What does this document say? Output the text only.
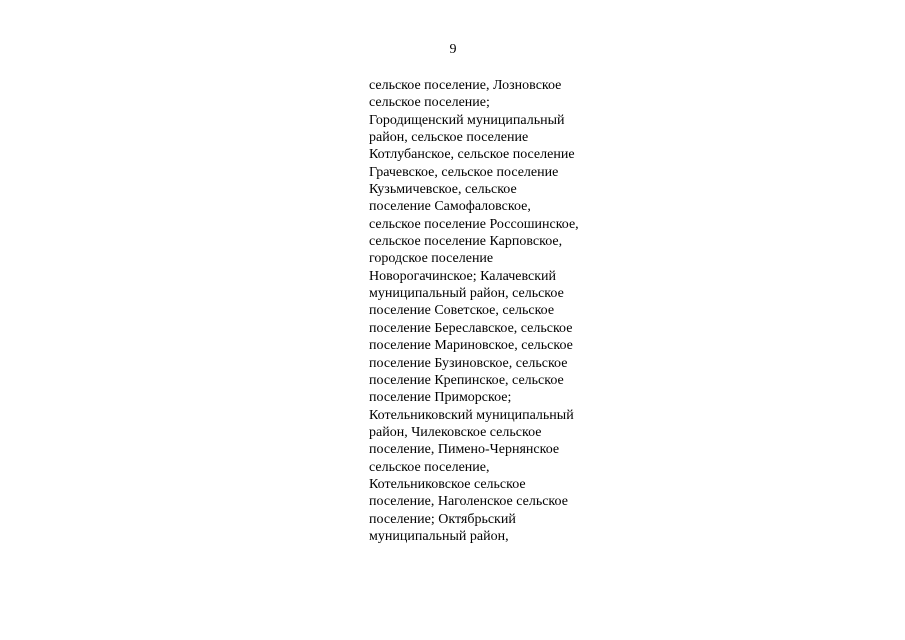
9
сельское поселение, Лозновское
сельское поселение;
Городищенский муниципальный
район, сельское поселение
Котлубанское, сельское поселение
Грачевское, сельское поселение
Кузьмичевское, сельское
поселение Самофаловское,
сельское поселение Россошинское,
сельское поселение Карповское,
городское поселение
Новорогачинское; Калачевский
муниципальный район, сельское
поселение Советское, сельское
поселение Береславское, сельское
поселение Мариновское, сельское
поселение Бузиновское, сельское
поселение Крепинское, сельское
поселение Приморское;
Котельниковский муниципальный
район, Чилековское сельское
поселение, Пимено-Чернянское
сельское поселение,
Котельниковское сельское
поселение, Наголенское сельское
поселение; Октябрьский
муниципальный район,
